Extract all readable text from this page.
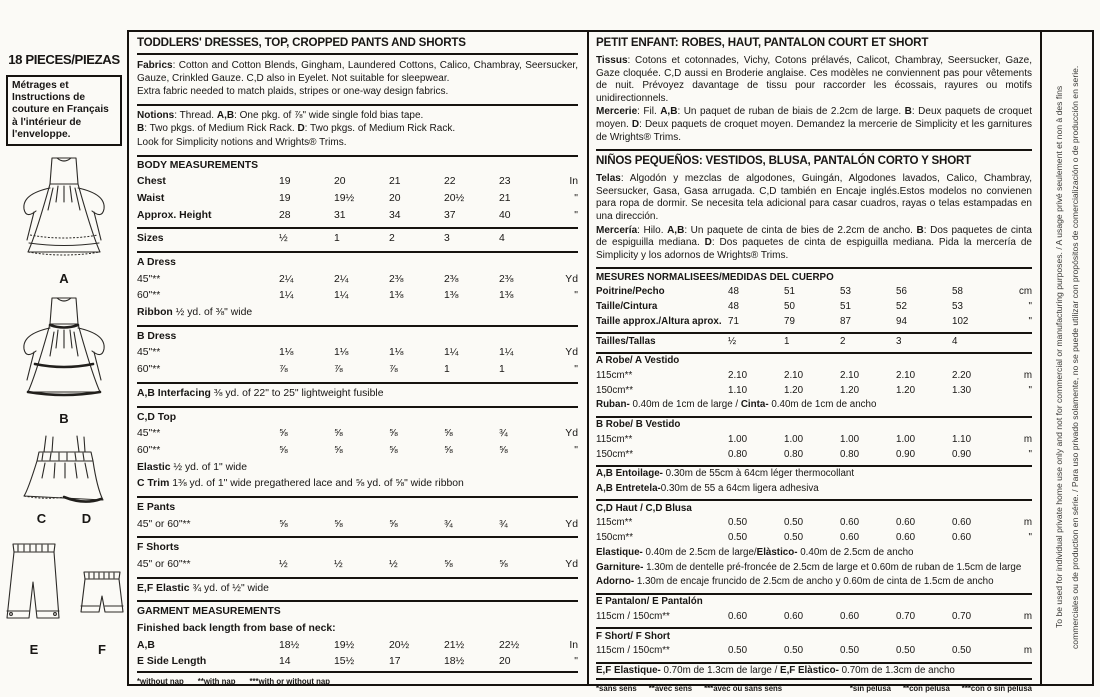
18 PIECES/PIEZAS
Métrages et Instructions de couture en Français à l'intérieur de l'enveloppe.
A
B
C	D
E	F
TODDLERS' DRESSES, TOP, CROPPED PANTS AND SHORTS

Fabrics: Cotton and Cotton Blends, Gingham, Laundered Cottons, Calico, Chambray, Seersucker, Gauze, Crinkled Gauze. C,D also in Eyelet. Not suitable for sleepwear.

Extra fabric needed to match plaids, stripes or one-way design fabrics.

Notions: Thread. A,B: One pkg. of ⅞" wide single fold bias tape.

B: Two pkgs. of Medium Rick Rack. D: Two pkgs. of Medium Rick Rack.

Look for Simplicity notions and Wrights® Trims.

BODY MEASUREMENTS
Chest	19	20	21	22	23	In
Waist	19	19½	20	20½	21	"
Approx. Height	28	31	34	37	40	"
Sizes	½	1	2	3	4
A Dress
45"**	2¼	2¼	2⅜	2⅜	2⅜	Yd
60"**	1¼	1¼	1⅜	1⅜	1⅜	"
Ribbon ½ yd. of ⅜" wide
B Dress
45"**	1⅛	1⅛	1⅛	1¼	1¼	Yd
60"**	⅞	⅞	⅞	1	1	"
A,B Interfacing ⅜ yd. of 22" to 25" lightweight fusible
C,D Top
45"**	⅝	⅝	⅝	⅝	¾	Yd
60"**	⅝	⅝	⅝	⅝	⅝	"
Elastic ½ yd. of 1" wide
C Trim 1⅜ yd. of 1" wide pregathered lace and ⅝ yd. of ⅝" wide ribbon
E Pants
45" or 60"**	⅝	⅝	⅝	¾	¾	Yd
F Shorts
45" or 60"**	½	½	½	⅝	⅝	Yd
E,F Elastic ¾ yd. of ½" wide
GARMENT MEASUREMENTS
Finished back length from base of neck:
A,B	18½	19½	20½	21½	22½	In
E Side Length	14	15½	17	18½	20	"
*without nap **with nap ***with or without nap
PETIT ENFANT: ROBES, HAUT, PANTALON COURT ET SHORT

Tissus: Cotons et cotonnades, Vichy, Cotons prélavés, Calicot, Chambray, Seersucker, Gaze, Gaze cloquée. C,D aussi en Broderie anglaise. Ces modèles ne conviennent pas pour vêtements de nuit. Prévoyez davantage de tissu pour raccorder les écossais, rayures ou motifs unidirectionnels.

Mercerie: Fil. A,B: Un paquet de ruban de biais de 2.2cm de large. B: Deux paquets de croquet moyen. D: Deux paquets de croquet moyen. Demandez la mercerie de Simplicity et les garnitures de Wrights® Trims.

NIÑOS PEQUEÑOS: VESTIDOS, BLUSA, PANTALÓN CORTO Y SHORT

Telas: Algodón y mezclas de algodones, Guingán, Algodones lavados, Calico, Chambray, Seersucker, Gasa, Gasa arrugada. C,D también en Encaje inglés.Estos modelos no convienen para ropa de dormir. Se necesita tela adicional para casar cuadros, rayas o telas estampadas en una dirección.

Mercería: Hilo. A,B: Un paquete de cinta de bies de 2.2cm de ancho. B: Dos paquetes de cinta de espiguilla mediana. D: Dos paquetes de cinta de espiguilla mediana. Pida la mercería de Simplicity y los adornos de Wrights® Trims.

MESURES NORMALISEES/MEDIDAS DEL CUERPO
Poitrine/Pecho	48	51	53	56	58	cm
Taille/Cintura	48	50	51	52	53	"
Taille approx./Altura aprox. 71	79	87	94	102	"
Tailles/Tallas	½	1	2	3	4
A Robe/ A Vestido
115cm**	2.10	2.10	2.10	2.10	2.20	m
150cm**	1.10	1.20	1.20	1.20	1.30	"
Ruban- 0.40m de 1cm de large / Cinta- 0.40m de 1cm de ancho
B Robe/ B Vestido
115cm**	1.00	1.00	1.00	1.00	1.10	m
150cm**	0.80	0.80	0.80	0.90	0.90	"
A,B Entoilage- 0.30m de 55cm à 64cm léger thermocollant
A,B Entretela-0.30m de 55 a 64cm ligera adhesiva
C,D Haut / C,D Blusa
115cm**	0.50	0.50	0.60	0.60	0.60	m
150cm**	0.50	0.50	0.60	0.60	0.60	"
Elastique- 0.40m de 2.5cm de large/Elàstico- 0.40m de 2.5cm de ancho
Garniture- 1.30m de dentelle pré-froncée de 2.5cm de large et 0.60m de ruban de 1.5cm de large
Adorno- 1.30m de encaje fruncido de 2.5cm de ancho y 0.60m de cinta de 1.5cm de ancho
E Pantalon/ E Pantalón
115cm / 150cm**	0.60	0.60	0.60	0.70	0.70	m
F Short/ F Short
115cm / 150cm**	0.50	0.50	0.50	0.50	0.50	m
E,F Elastique- 0.70m de 1.3cm de large / E,F Elàstico- 0.70m de 1.3cm de ancho
*sans sens **avec sens ***avec ou sans sens	*sin pelusa **con pelusa ***con o sin pelusa
To be used for individual private home use only and not for commercial or manufacturing purposes. / A usage privé seulement et non à des fins commerciales ou de production en série. / Para uso privado solamente, no se puede utilizar con propósitos de comercialización o de producción en serie.
